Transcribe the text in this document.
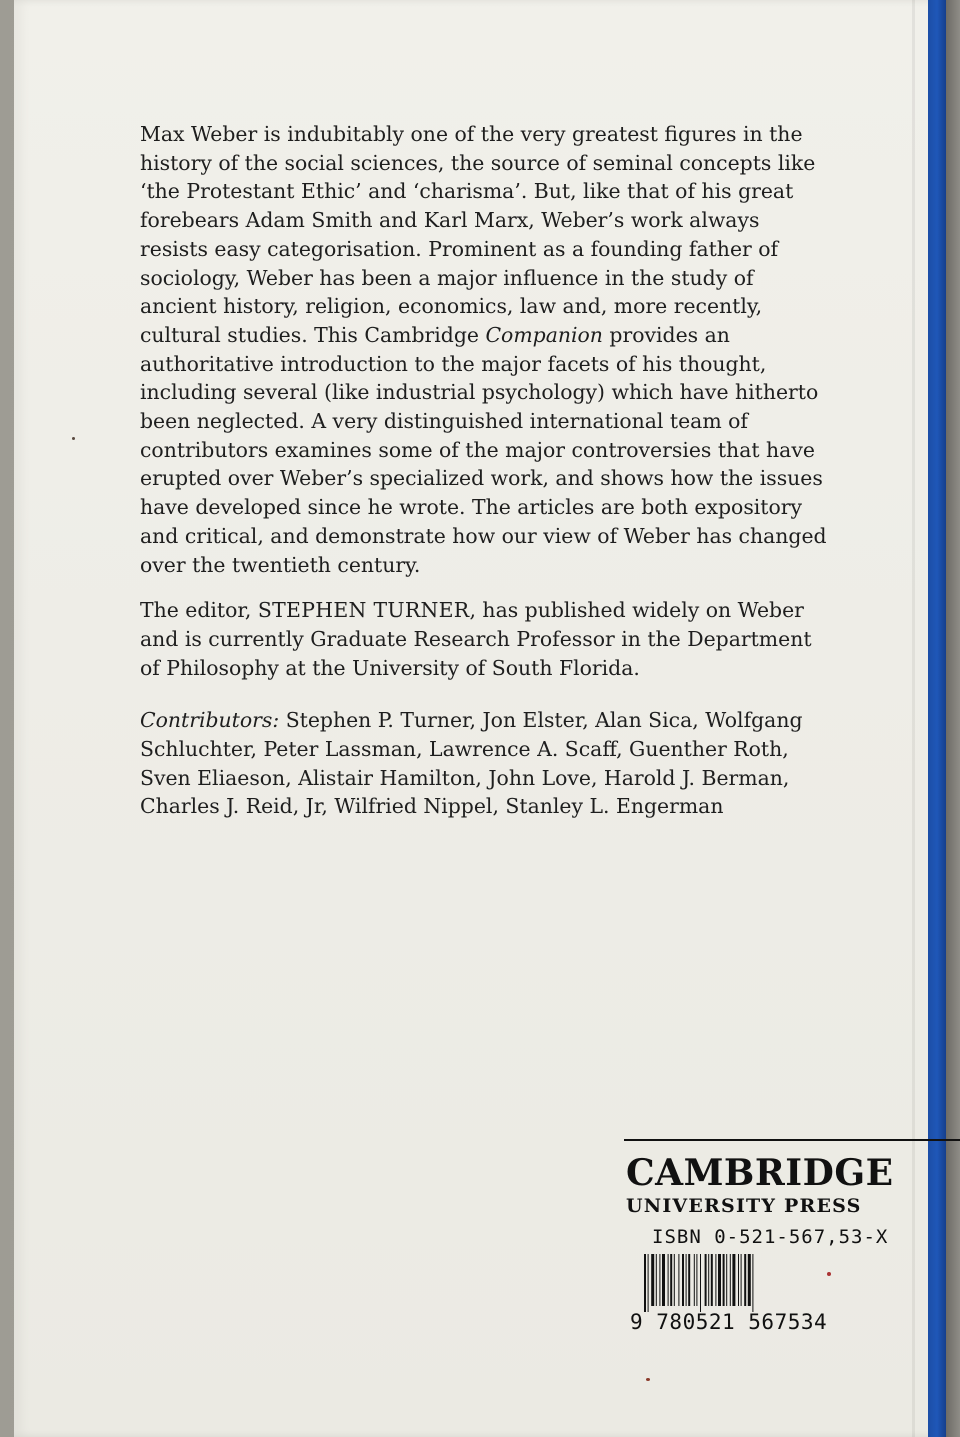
Max Weber is indubitably one of the very greatest figures in the history of the social sciences, the source of seminal concepts like ‘the Protestant Ethic’ and ‘charisma’. But, like that of his great forebears Adam Smith and Karl Marx, Weber’s work always resists easy categorisation. Prominent as a founding father of sociology, Weber has been a major influence in the study of ancient history, religion, economics, law and, more recently, cultural studies. This Cambridge Companion provides an authoritative introduction to the major facets of his thought, including several (like industrial psychology) which have hitherto been neglected. A very distinguished international team of contributors examines some of the major controversies that have erupted over Weber’s specialized work, and shows how the issues have developed since he wrote. The articles are both expository and critical, and demonstrate how our view of Weber has changed over the twentieth century.

The editor, STEPHEN TURNER, has published widely on Weber and is currently Graduate Research Professor in the Department of Philosophy at the University of South Florida.

Contributors: Stephen P. Turner, Jon Elster, Alan Sica, Wolfgang Schluchter, Peter Lassman, Lawrence A. Scaff, Guenther Roth, Sven Eliaeson, Alistair Hamilton, John Love, Harold J. Berman, Charles J. Reid, Jr, Wilfried Nippel, Stanley L. Engerman

CAMBRIDGE
UNIVERSITY PRESS
ISBN 0-521-567,53-X
9 780521 567534
